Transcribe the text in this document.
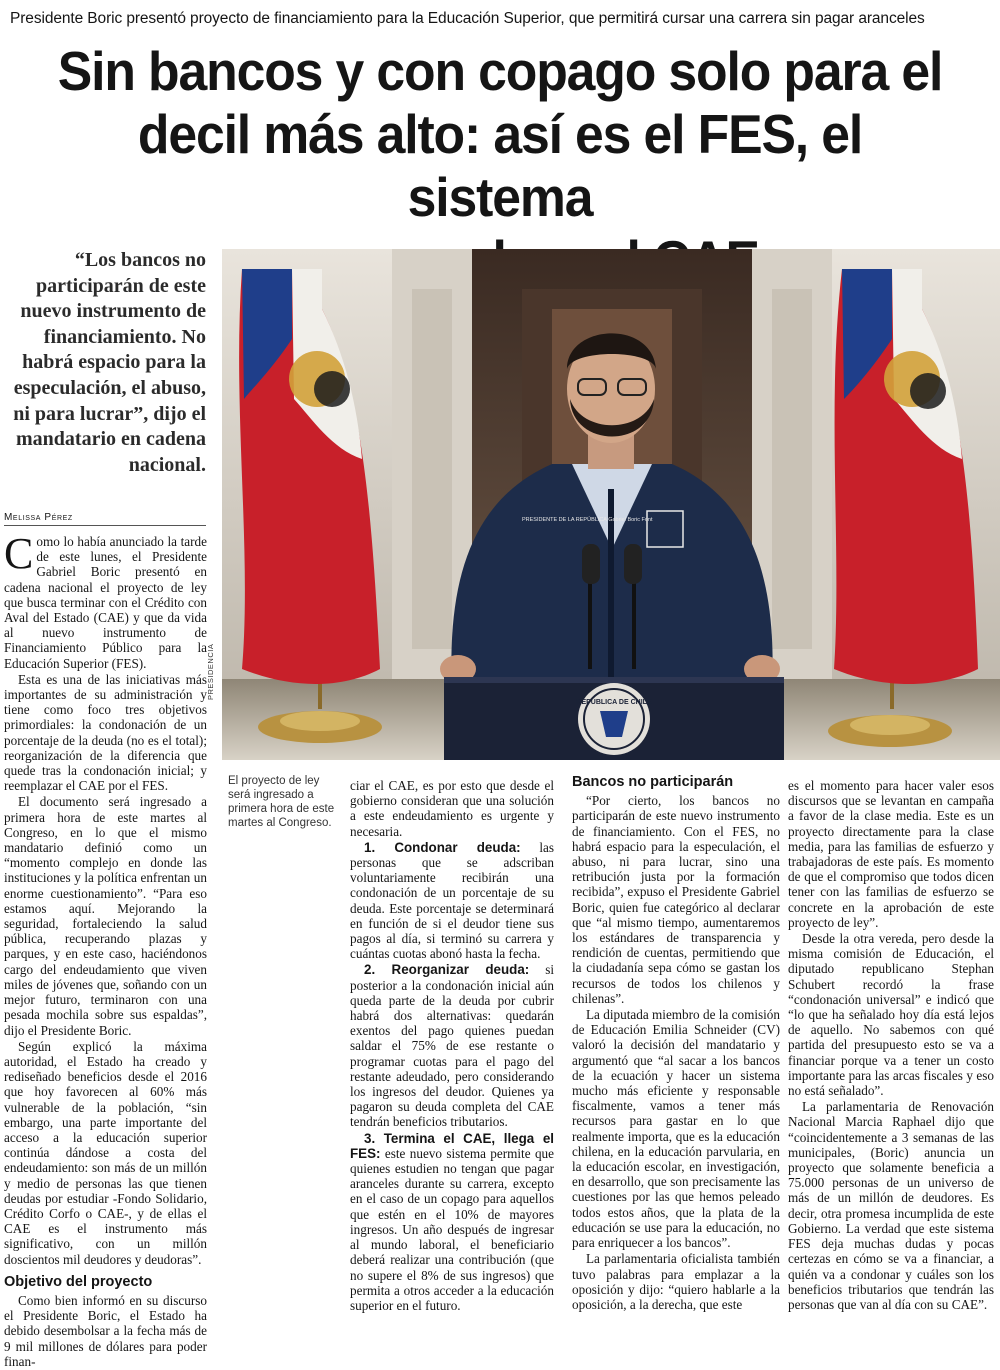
Presidente Boric presentó proyecto de financiamiento para la Educación Superior, que permitirá cursar una carrera sin pagar aranceles
Sin bancos y con copago solo para el
decil más alto: así es el FES, el sistema
“Los bancos no participarán de este nuevo instrumento de financiamiento. No habrá espacio para la especulación, el abuso, ni para lucrar”, dijo el mandatario en cadena nacional.
Melissa Pérez
REPÚBLICA DE CHILE
PRESIDENTE DE LA REPÚBLICA Gabriel Boric Font
PRESIDENCIA
El proyecto de ley será ingresado a primera hora de este martes al Congreso.

Como lo había anunciado la tarde de este lunes, el Presidente Gabriel Boric presentó en cadena nacional el proyecto de ley que busca terminar con el Crédito con Aval del Estado (CAE) y que da vida al nuevo instrumento de Financiamiento Público para la Educación Superior (FES).

Esta es una de las iniciativas más importantes de su administración y tiene como foco tres objetivos primordiales: la condonación de un porcentaje de la deuda (no es el total); reorganización de la diferencia que quede tras la condonación inicial; y reemplazar el CAE por el FES.

El documento será ingresado a primera hora de este martes al Congreso, en lo que el mismo mandatario definió como un “momento complejo en donde las instituciones y la política enfrentan un enorme cuestionamiento”. “Para eso estamos aquí. Mejorando la seguridad, fortaleciendo la salud pública, recuperando plazas y parques, y en este caso, haciéndonos cargo del endeudamiento que viven miles de jóvenes que, soñando con un mejor futuro, terminaron con una pesada mochila sobre sus espaldas”, dijo el Presidente Boric.

Según explicó la máxima autoridad, el Estado ha creado y rediseñado beneficios desde el 2016 que hoy favorecen al 60% más vulnerable de la población, “sin embargo, una parte importante del acceso a la educación superior continúa dándose a costa del endeudamiento: son más de un millón y medio de personas las que tienen deudas por estudiar -Fondo Solidario, Crédito Corfo o CAE-, y de ellas el CAE es el instrumento más significativo, con un millón doscientos mil deudores y deudoras”.

Objetivo del proyecto

Como bien informó en su discurso el Presidente Boric, el Estado ha debido desembolsar a la fecha más de 9 mil millones de dólares para poder finan-

ciar el CAE, es por esto que desde el gobierno consideran que una solución a este endeudamiento es urgente y necesaria.

1. Condonar deuda: las personas que se adscriban voluntariamente recibirán una condonación de un porcentaje de su deuda. Este porcentaje se determinará en función de si el deudor tiene sus pagos al día, si terminó su carrera y cuántas cuotas abonó hasta la fecha.

2. Reorganizar deuda: si posterior a la condonación inicial aún queda parte de la deuda por cubrir habrá dos alternativas: quedarán exentos del pago quienes puedan saldar el 75% de ese restante o programar cuotas para el pago del restante adeudado, pero considerando los ingresos del deudor. Quienes ya pagaron su deuda completa del CAE tendrán beneficios tributarios.

3. Termina el CAE, llega el FES: este nuevo sistema permite que quienes estudien no tengan que pagar aranceles durante su carrera, excepto en el caso de un copago para aquellos que estén en el 10% de mayores ingresos. Un año después de ingresar al mundo laboral, el beneficiario deberá realizar una contribución (que no supere el 8% de sus ingresos) que permita a otros acceder a la educación superior en el futuro.

Bancos no participarán

“Por cierto, los bancos no participarán de este nuevo instrumento de financiamiento. Con el FES, no habrá espacio para la especulación, el abuso, ni para lucrar, sino una retribución justa por la formación recibida”, expuso el Presidente Gabriel Boric, quien fue categórico al declarar que “al mismo tiempo, aumentaremos los estándares de transparencia y rendición de cuentas, permitiendo que la ciudadanía sepa cómo se gastan los recursos de todos los chilenos y chilenas”.

La diputada miembro de la comisión de Educación Emilia Schneider (CV) valoró la decisión del mandatario y argumentó que “al sacar a los bancos de la ecuación y hacer un sistema mucho más eficiente y responsable fiscalmente, vamos a tener más recursos para gastar en lo que realmente importa, que es la educación chilena, en la educación parvularia, en la educación escolar, en investigación, en desarrollo, que son precisamente las cuestiones por las que hemos peleado todos estos años, que la plata de la educación se use para la educación, no para enriquecer a los bancos”.

La parlamentaria oficialista también tuvo palabras para emplazar a la oposición y dijo: “quiero hablarle a la oposición, a la derecha, que este

es el momento para hacer valer esos discursos que se levantan en campaña a favor de la clase media. Este es un proyecto directamente para la clase media, para las familias de esfuerzo y trabajadoras de este país. Es momento de que el compromiso que todos dicen tener con las familias de esfuerzo se concrete en la aprobación de este proyecto de ley”.

Desde la otra vereda, pero desde la misma comisión de Educación, el diputado republicano Stephan Schubert recordó la frase “condonación universal” e indicó que “lo que ha señalado hoy día está lejos de aquello. No sabemos con qué partida del presupuesto esto se va a financiar porque va a tener un costo importante para las arcas fiscales y eso no está señalado”.

La parlamentaria de Renovación Nacional Marcia Raphael dijo que “coincidentemente a 3 semanas de las municipales, (Boric) anuncia un proyecto que solamente beneficia a 75.000 personas de un universo de más de un millón de deudores. Es decir, otra promesa incumplida de este Gobierno. La verdad que este sistema FES deja muchas dudas y pocas certezas en cómo se va a financiar, a quién va a condonar y cuáles son los beneficios tributarios que tendrán las personas que van al día con su CAE”.
